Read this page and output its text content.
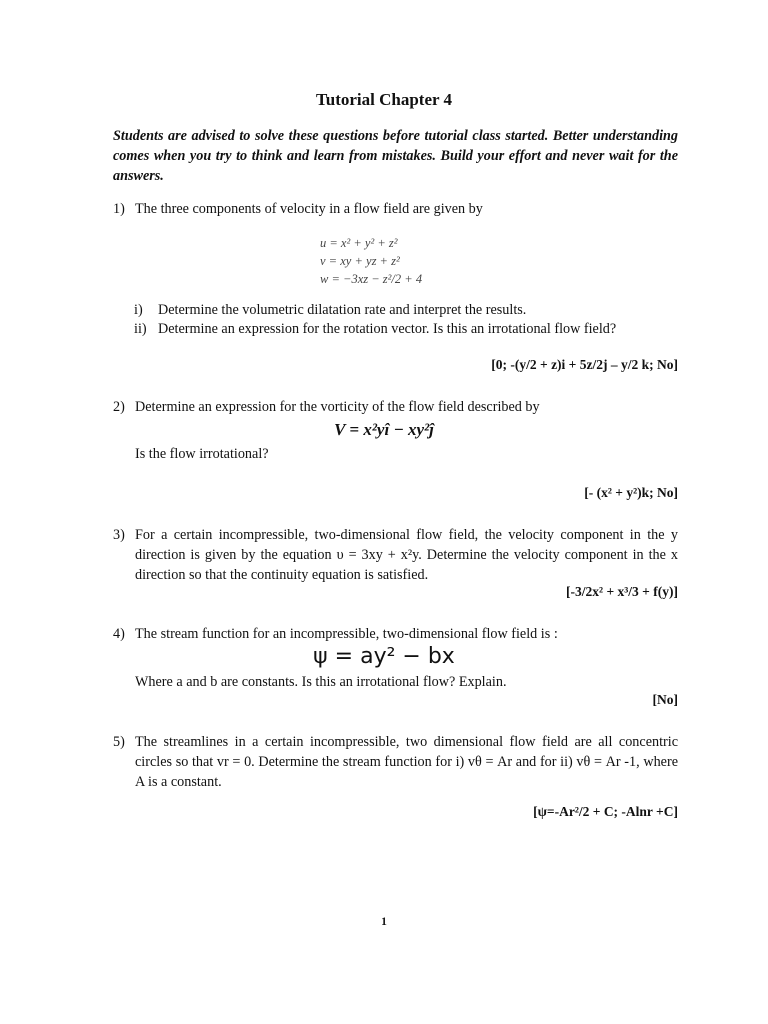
Tutorial Chapter 4
Students are advised to solve these questions before tutorial class started. Better understanding comes when you try to think and learn from mistakes. Build your effort and never wait for the answers.
1) The three components of velocity in a flow field are given by
u = x² + y² + z²
v = xy + yz + z²
w = −3xz − z²/2 + 4
i) Determine the volumetric dilatation rate and interpret the results.
ii) Determine an expression for the rotation vector. Is this an irrotational flow field?
[0; -(y/2 + z)i + 5z/2j – y/2 k; No]
2) Determine an expression for the vorticity of the flow field described by
V = x²yî − xy²ĵ
Is the flow irrotational?
[- (x² + y²)k; No]
3) For a certain incompressible, two-dimensional flow field, the velocity component in the y direction is given by the equation υ = 3xy + x²y. Determine the velocity component in the x direction so that the continuity equation is satisfied.
[-3/2x² + x³/3 + f(y)]
4) The stream function for an incompressible, two-dimensional flow field is :
ψ = ay² − bx
Where a and b are constants. Is this an irrotational flow? Explain.
[No]
5) The streamlines in a certain incompressible, two dimensional flow field are all concentric circles so that vr = 0. Determine the stream function for i) vθ = Ar and for ii) vθ = Ar -1, where A is a constant.
[ψ=-Ar²/2 + C; -Alnr +C]
1
